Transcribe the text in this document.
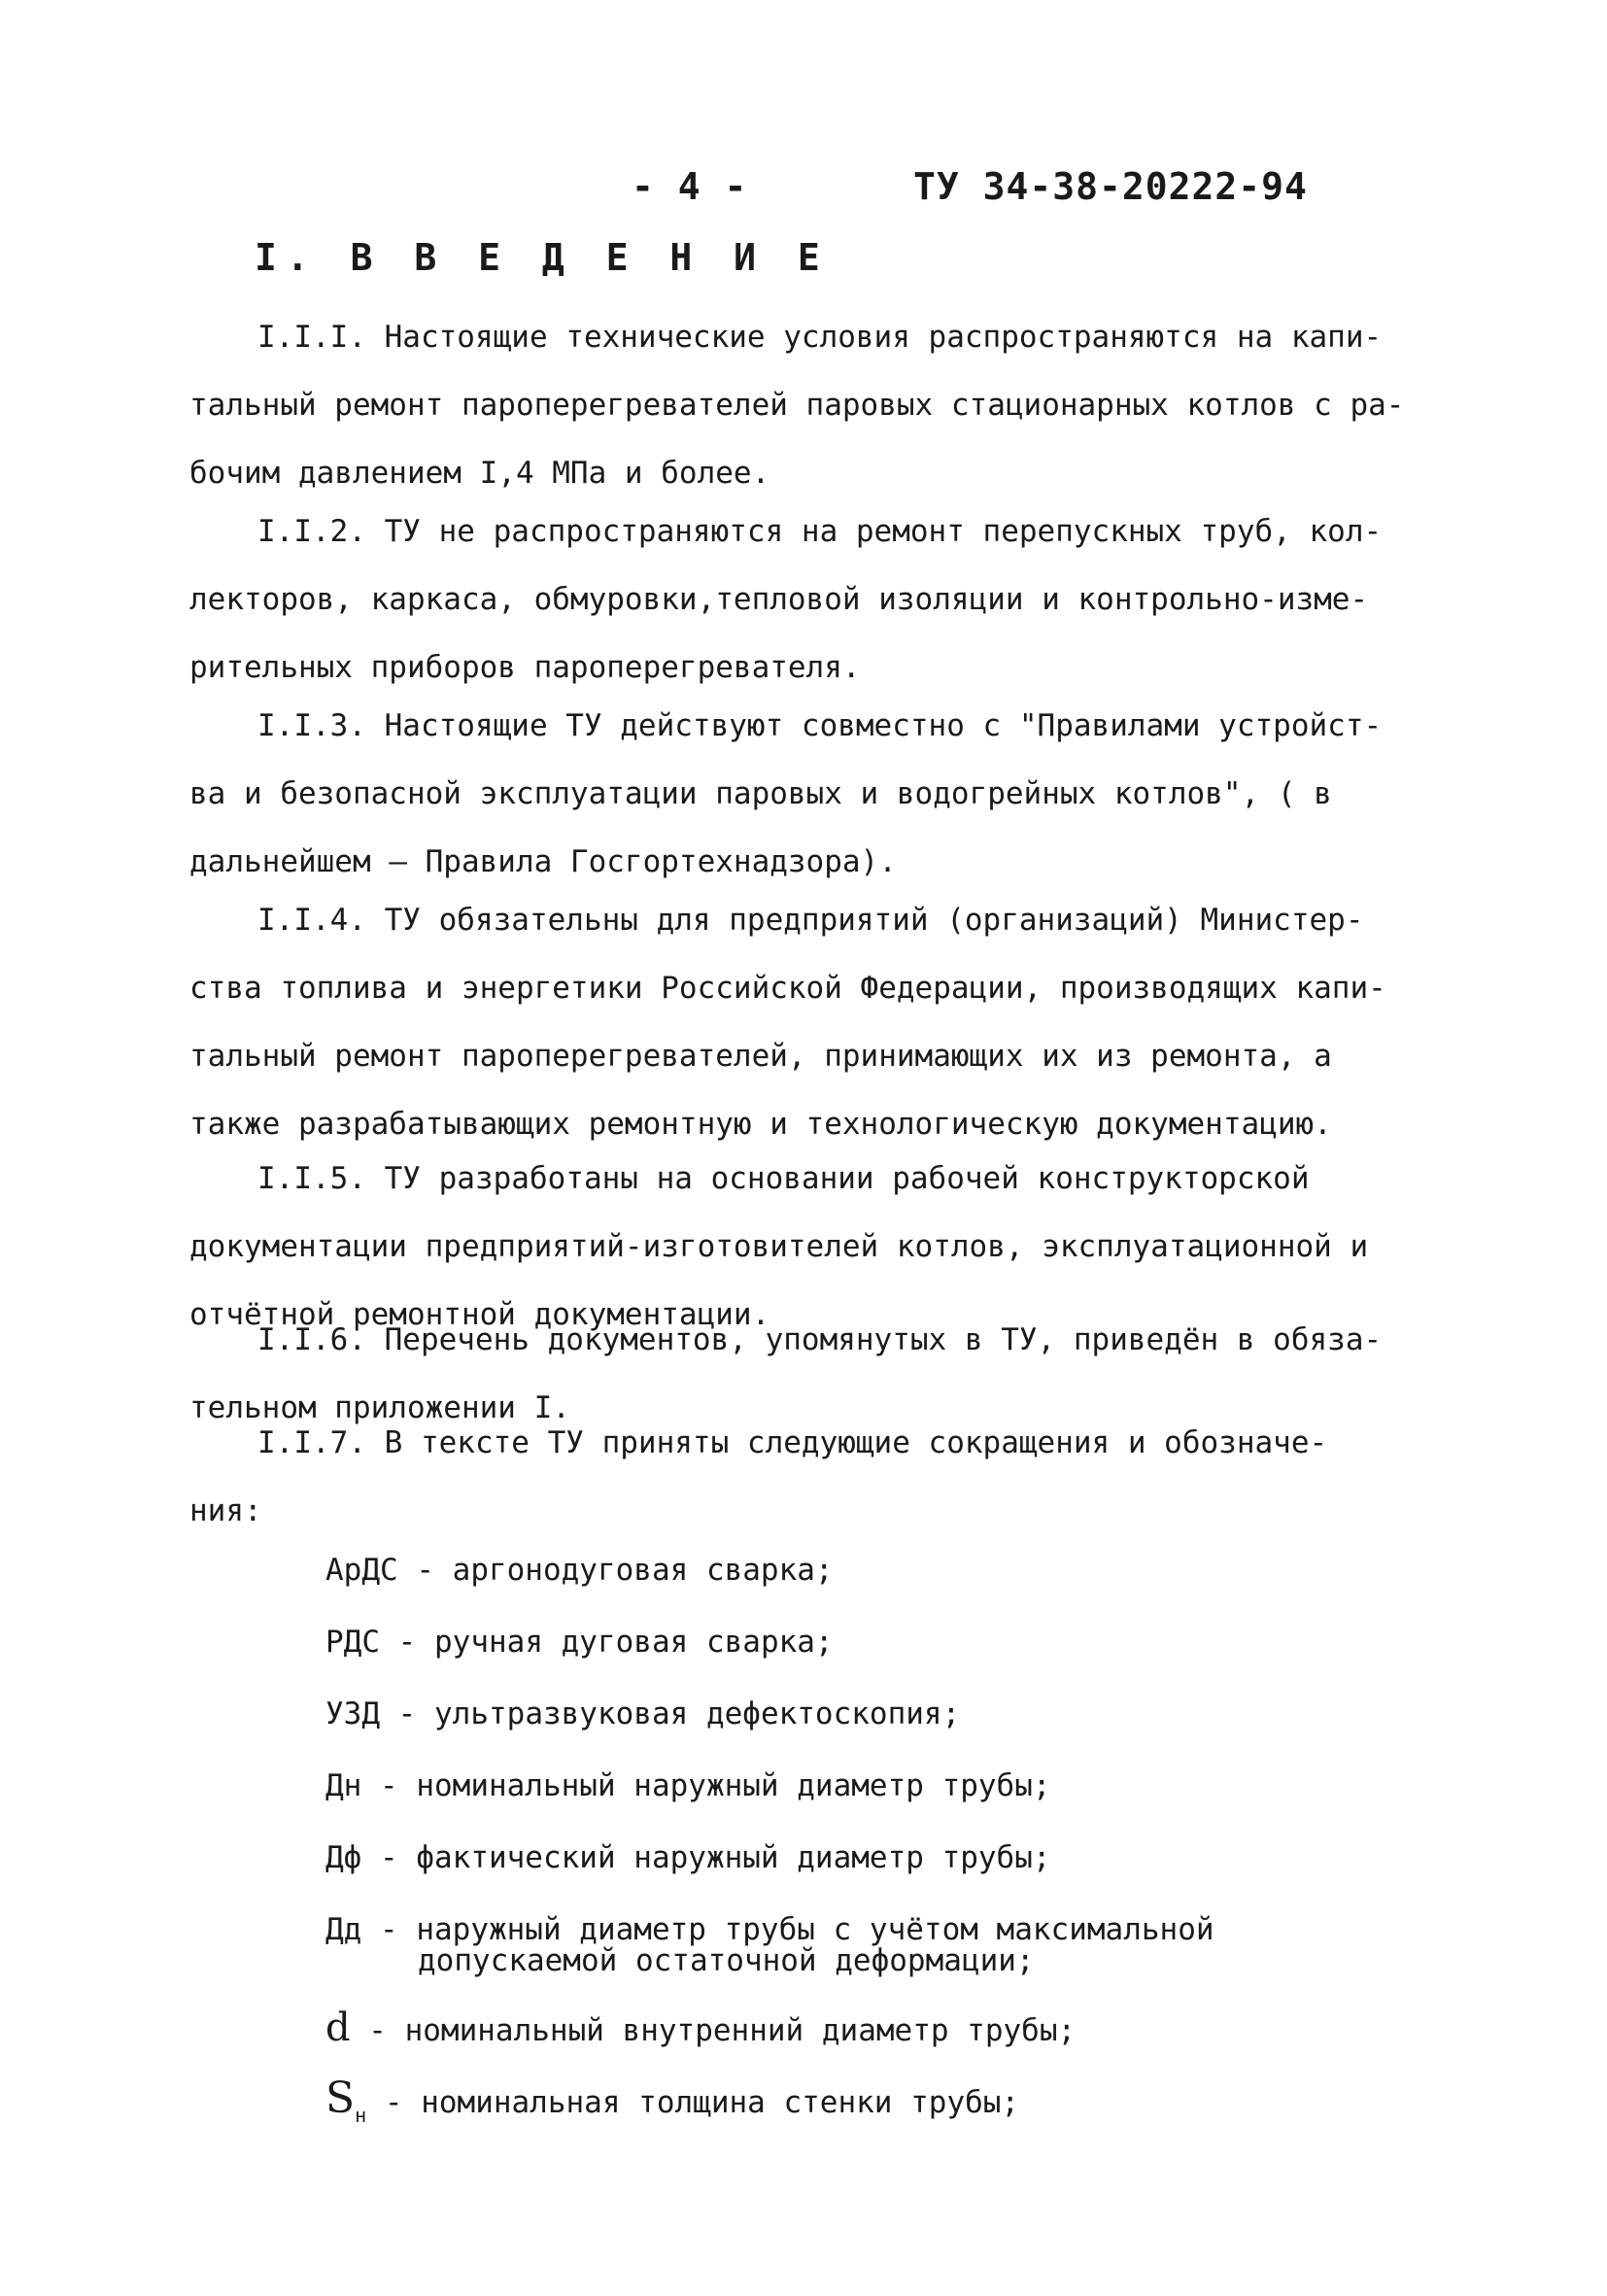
- 4 -	ТУ 34-38-20222-94
I. В В Е Д Е Н И Е
I.I.I. Настоящие технические условия распространяются на капи-
тальный ремонт пароперегревателей паровых стационарных котлов с ра-
бочим давлением I,4 МПа и более.
I.I.2. ТУ не распространяются на ремонт перепускных труб, кол-
лекторов, каркаса, обмуровки,тепловой изоляции и контрольно-изме-
рительных приборов пароперегревателя.
I.I.3. Настоящие ТУ действуют совместно с "Правилами устройст-
ва и безопасной эксплуатации паровых и водогрейных котлов", ( в
дальнейшем – Правила Госгортехнадзора).
I.I.4. ТУ обязательны для предприятий (организаций) Министер-
ства топлива и энергетики Российской Федерации, производящих капи-
тальный ремонт пароперегревателей, принимающих их из ремонта, а
также разрабатывающих ремонтную и технологическую документацию.
I.I.5. ТУ разработаны на основании рабочей конструкторской
документации предприятий-изготовителей котлов, эксплуатационной и
отчётной ремонтной документации.
I.I.6. Перечень документов, упомянутых в ТУ, приведён в обяза-
тельном приложении I.
I.I.7. В тексте ТУ приняты следующие сокращения и обозначе-
ния:
АрДС - аргонодуговая сварка;
РДС - ручная дуговая сварка;
УЗД - ультразвуковая дефектоскопия;
Дн - номинальный наружный диаметр трубы;
Дф - фактический наружный диаметр трубы;
Дд - наружный диаметр трубы с учётом максимальной
допускаемой остаточной деформации;
d - номинальный внутренний диаметр трубы;
$S_н$ - номинальная толщина стенки трубы;
